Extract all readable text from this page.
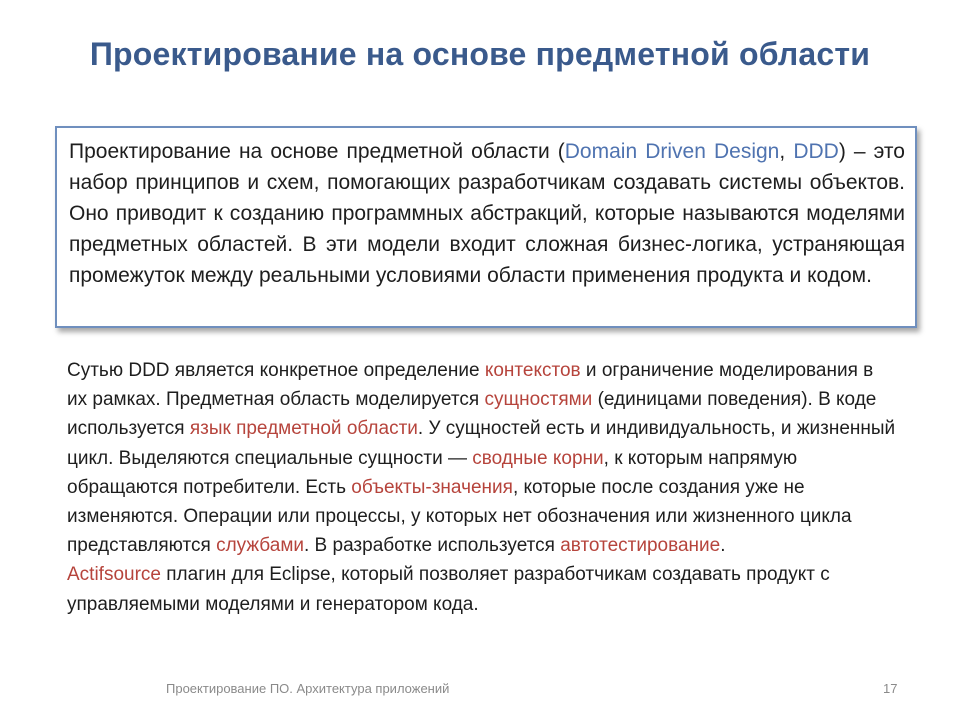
Проектирование на основе предметной области

Проектирование на основе предметной области (Domain Driven Design, DDD) – это набор принципов и схем, помогающих разработчикам создавать системы объектов. Оно приводит к созданию программных абстракций, которые называются моделями предметных областей. В эти модели входит сложная бизнес-логика, устраняющая промежуток между реальными условиями области применения продукта и кодом.

Сутью DDD является конкретное определение контекстов и ограничение моделирования в их рамках. Предметная область моделируется сущностями (единицами поведения). В коде используется язык предметной области. У сущностей есть и индивидуальность, и жизненный цикл. Выделяются специальные сущности — сводные корни, к которым напрямую обращаются потребители. Есть объекты-значения, которые после создания уже не изменяются. Операции или процессы, у которых нет обозначения или жизненного цикла представляются службами. В разработке используется автотестирование.
Actifsource плагин для Eclipse, который позволяет разработчикам создавать продукт с управляемыми моделями и генератором кода.

Проектирование ПО. Архитектура приложений	17
